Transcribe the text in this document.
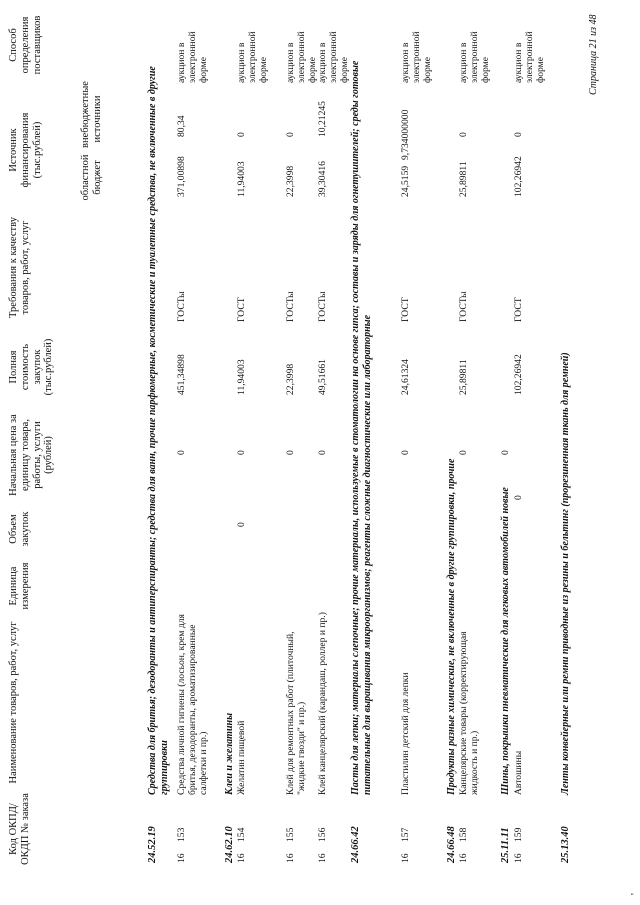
Код ОКПД/ ОКДП № заказа
Наименование товаров, работ, услуг
Единица измерения
Объем закупок
Начальная цена за единицу товара, работы, услуги (рублей)
Полная стоимость закупок (тыс.рублей)
Требования к качеству товаров, работ, услуг
Источник финансирования (тыс.рублей)	областной бюджет
внебюджетные источники
Способ определения поставщиков
24.52.19
Средства для бритья; дезодоранты и антиперспиранты; средства для ванн, прочие парфюмерные, косметические и туалетные средства, не включенные в другие группировки
16
153
Средства личной гигиены (лосьон, крем для бритья, дезодоранты, ароматизированные салфетки и пр.)
0
451,34898
ГОСТы
371,00898
80,34
аукцион в электронной форме
24.62.10
Клеи и желатины
16
154
Желатин пищевой
0
0
11,94003
ГОСТ
11,94003
0
аукцион в электронной форме
16
155
Клей для ремонтных работ (плиточный, "жидкие гвозди" и пр.)
0
22,3998
ГОСТы
22,3998
0
аукцион в электронной форме
16
156
Клей канцелярский (карандаш, роллер и пр.)
0
49,51661
ГОСТы
39,30416
10,21245
аукцион в электронной форме
24.66.42
Пасты для лепки; материалы слепочные; прочие материалы, используемые в стоматологии на основе гипса; составы и заряды для огнетушителей; среды готовые питательные для выращивания микроорганизмов; реагенты сложные диагностические или лабораторные
16
157
Пластилин детский для лепки
0
24,61324
ГОСТ
24,5159
9,734000000
аукцион в электронной форме
24.66.48
Продукты разные химические, не включенные в другие группировки, прочие
16
158
Канцелярские товары (корректирующая жидкость и пр.)
0
25,89811
ГОСТы
25,89811
0
аукцион в электронной форме
25.11.11
Шины, покрышки пневматические для легковых автомобилей новые
0
16
159
Автошины
0
102,26942
ГОСТ
102,26942
0
аукцион в электронной форме
25.13.40
Ленты конвейерные или ремни приводные из резины и бельтинг (прорезиненная ткань для ремней)
Страница 21 из 48
'
